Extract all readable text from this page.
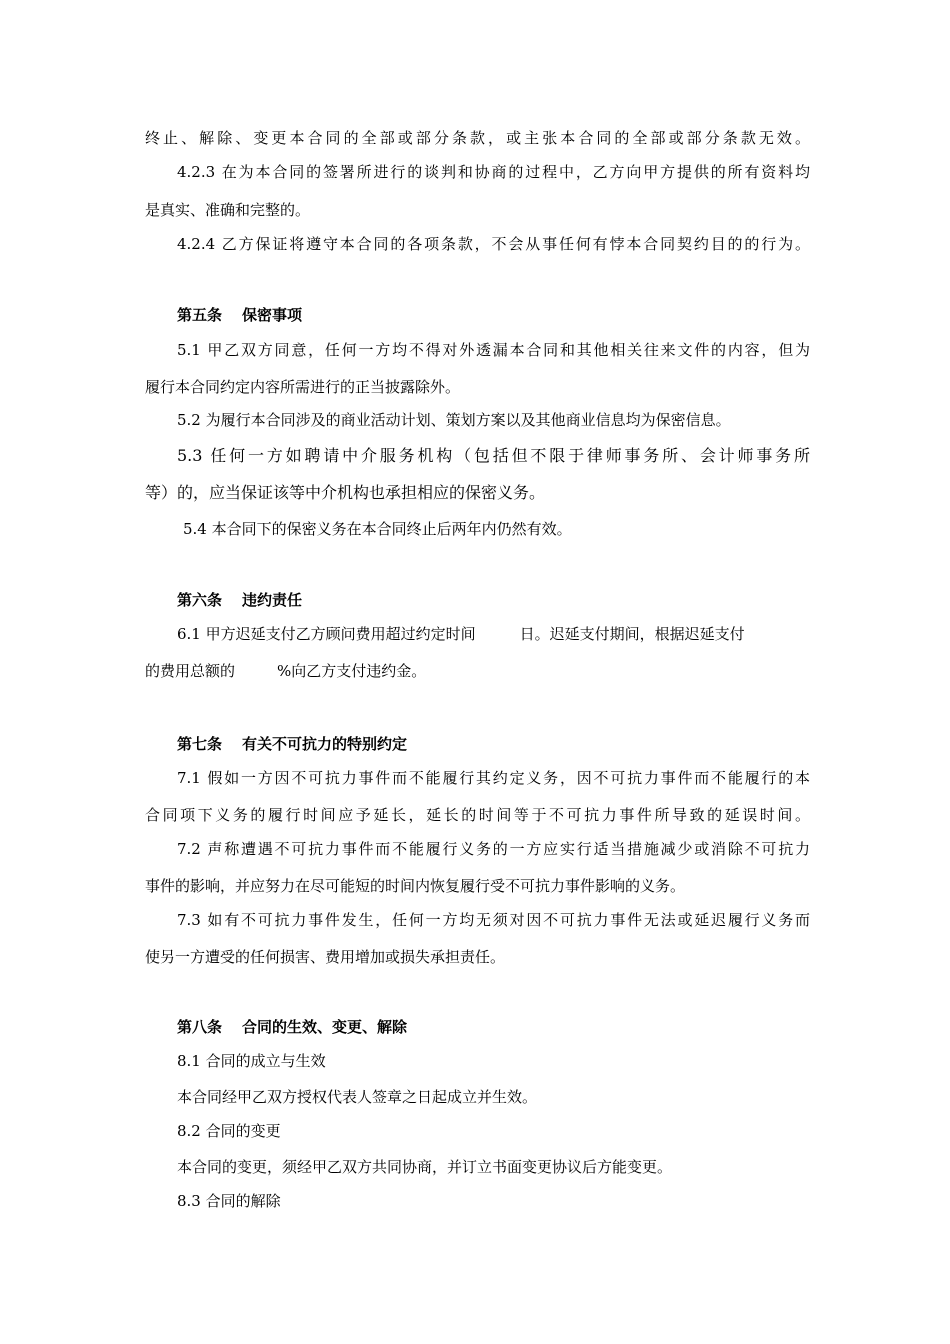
终止、解除、变更本合同的全部或部分条款，或主张本合同的全部或部分条款无效。
4.2.3 在为本合同的签署所进行的谈判和协商的过程中，乙方向甲方提供的所有资料均
是真实、准确和完整的。
4.2.4 乙方保证将遵守本合同的各项条款，不会从事任何有悖本合同契约目的的行为。
第五条 保密事项
5.1 甲乙双方同意，任何一方均不得对外透漏本合同和其他相关往来文件的内容，但为
履行本合同约定内容所需进行的正当披露除外。
5.2 为履行本合同涉及的商业活动计划、策划方案以及其他商业信息均为保密信息。
5.3 任何一方如聘请中介服务机构（包括但不限于律师事务所、会计师事务所
等）的，应当保证该等中介机构也承担相应的保密义务。
5.4 本合同下的保密义务在本合同终止后两年内仍然有效。
第六条 违约责任
6.1 甲方迟延支付乙方顾问费用超过约定时间	日。迟延支付期间，根据迟延支付
的费用总额的	%向乙方支付违约金。
第七条 有关不可抗力的特别约定
7.1 假如一方因不可抗力事件而不能履行其约定义务，因不可抗力事件而不能履行的本
合同项下义务的履行时间应予延长，延长的时间等于不可抗力事件所导致的延误时间。
7.2 声称遭遇不可抗力事件而不能履行义务的一方应实行适当措施减少或消除不可抗力
事件的影响，并应努力在尽可能短的时间内恢复履行受不可抗力事件影响的义务。
7.3 如有不可抗力事件发生，任何一方均无须对因不可抗力事件无法或延迟履行义务而
使另一方遭受的任何损害、费用增加或损失承担责任。
第八条 合同的生效、变更、解除
8.1 合同的成立与生效
本合同经甲乙双方授权代表人签章之日起成立并生效。
8.2 合同的变更
本合同的变更，须经甲乙双方共同协商，并订立书面变更协议后方能变更。
8.3 合同的解除
